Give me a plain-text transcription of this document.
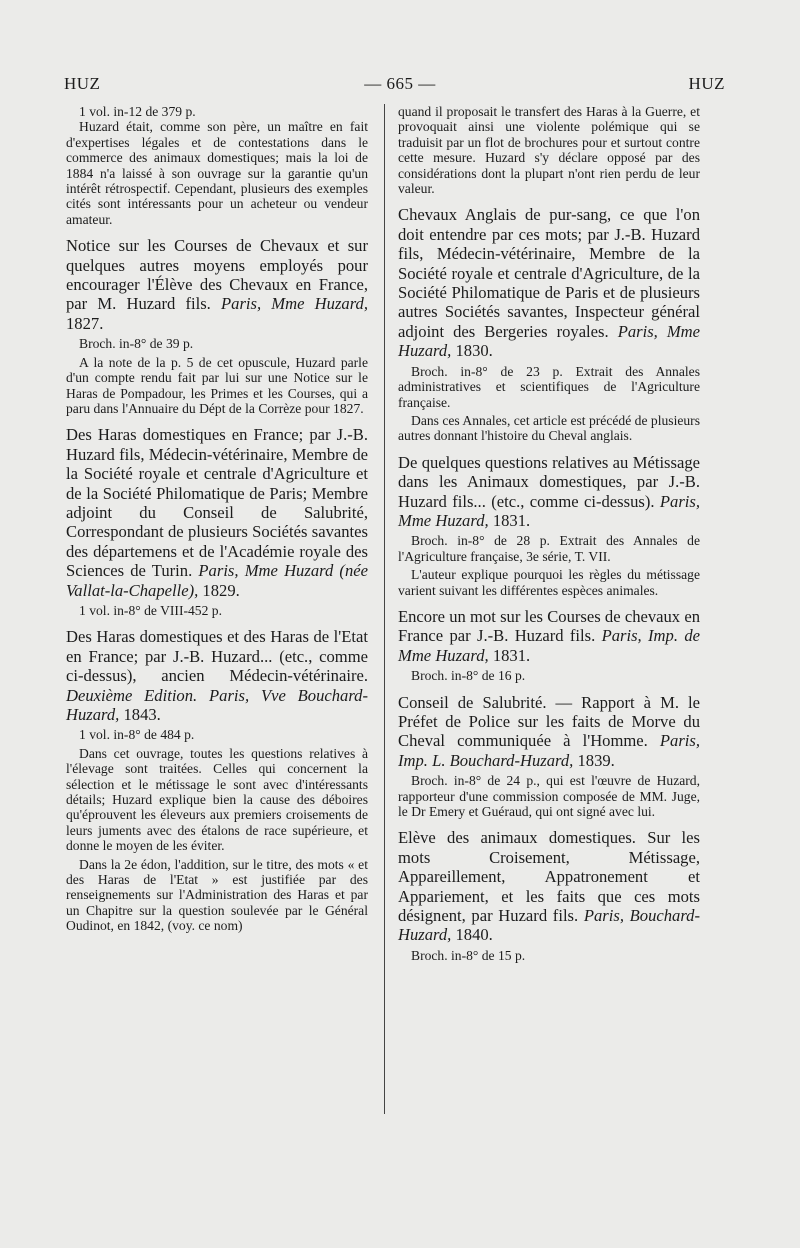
HUZ	— 665 —	HUZ

1 vol. in-12 de 379 p.

Huzard était, comme son père, un maître en fait d'expertises légales et de contestations dans le commerce des animaux domestiques; mais la loi de 1884 n'a laissé à son ouvrage sur la garantie qu'un intérêt rétrospectif. Cependant, plusieurs des exemples cités sont intéressants pour un acheteur ou vendeur amateur.

Notice sur les Courses de Chevaux et sur quelques autres moyens employés pour encourager l'Élève des Chevaux en France, par M. Huzard fils. Paris, Mme Huzard, 1827.

Broch. in-8° de 39 p.

A la note de la p. 5 de cet opuscule, Huzard parle d'un compte rendu fait par lui sur une Notice sur le Haras de Pompadour, les Primes et les Courses, qui a paru dans l'Annuaire du Dépt de la Corrèze pour 1827.

Des Haras domestiques en France; par J.-B. Huzard fils, Médecin-vétérinaire, Membre de la Société royale et centrale d'Agriculture et de la Société Philomatique de Paris; Membre adjoint du Conseil de Salubrité, Correspondant de plusieurs Sociétés savantes des départemens et de l'Académie royale des Sciences de Turin. Paris, Mme Huzard (née Vallat-la-Chapelle), 1829.

1 vol. in-8° de VIII-452 p.

Des Haras domestiques et des Haras de l'Etat en France; par J.-B. Huzard... (etc., comme ci-dessus), ancien Médecin-vétérinaire. Deuxième Edition. Paris, Vve Bouchard-Huzard, 1843.

1 vol. in-8° de 484 p.

Dans cet ouvrage, toutes les questions relatives à l'élevage sont traitées. Celles qui concernent la sélection et le métissage le sont avec d'intéressants détails; Huzard explique bien la cause des déboires qu'éprouvent les éleveurs aux premiers croisements de leurs juments avec des étalons de race supérieure, et donne le moyen de les éviter.

Dans la 2e édon, l'addition, sur le titre, des mots « et des Haras de l'Etat » est justifiée par des renseignements sur l'Administration des Haras et par un Chapitre sur la question soulevée par le Général Oudinot, en 1842, (voy. ce nom)

quand il proposait le transfert des Haras à la Guerre, et provoquait ainsi une violente polémique qui se traduisit par un flot de brochures pour et surtout contre cette mesure. Huzard s'y déclare opposé par des considérations dont la plupart n'ont rien perdu de leur valeur.

Chevaux Anglais de pur-sang, ce que l'on doit entendre par ces mots; par J.-B. Huzard fils, Médecin-vétérinaire, Membre de la Société royale et centrale d'Agriculture, de la Société Philomatique de Paris et de plusieurs autres Sociétés savantes, Inspecteur général adjoint des Bergeries royales. Paris, Mme Huzard, 1830.

Broch. in-8° de 23 p. Extrait des Annales administratives et scientifiques de l'Agriculture française.

Dans ces Annales, cet article est précédé de plusieurs autres donnant l'histoire du Cheval anglais.

De quelques questions relatives au Métissage dans les Animaux domestiques, par J.-B. Huzard fils... (etc., comme ci-dessus). Paris, Mme Huzard, 1831.

Broch. in-8° de 28 p. Extrait des Annales de l'Agriculture française, 3e série, T. VII.

L'auteur explique pourquoi les règles du métissage varient suivant les différentes espèces animales.

Encore un mot sur les Courses de chevaux en France par J.-B. Huzard fils. Paris, Imp. de Mme Huzard, 1831.

Broch. in-8° de 16 p.

Conseil de Salubrité. — Rapport à M. le Préfet de Police sur les faits de Morve du Cheval communiquée à l'Homme. Paris, Imp. L. Bouchard-Huzard, 1839.

Broch. in-8° de 24 p., qui est l'œuvre de Huzard, rapporteur d'une commission composée de MM. Juge, le Dr Emery et Guéraud, qui ont signé avec lui.

Elève des animaux domestiques. Sur les mots Croisement, Métissage, Appareillement, Appatronement et Appariement, et les faits que ces mots désignent, par Huzard fils. Paris, Bouchard-Huzard, 1840.

Broch. in-8° de 15 p.
